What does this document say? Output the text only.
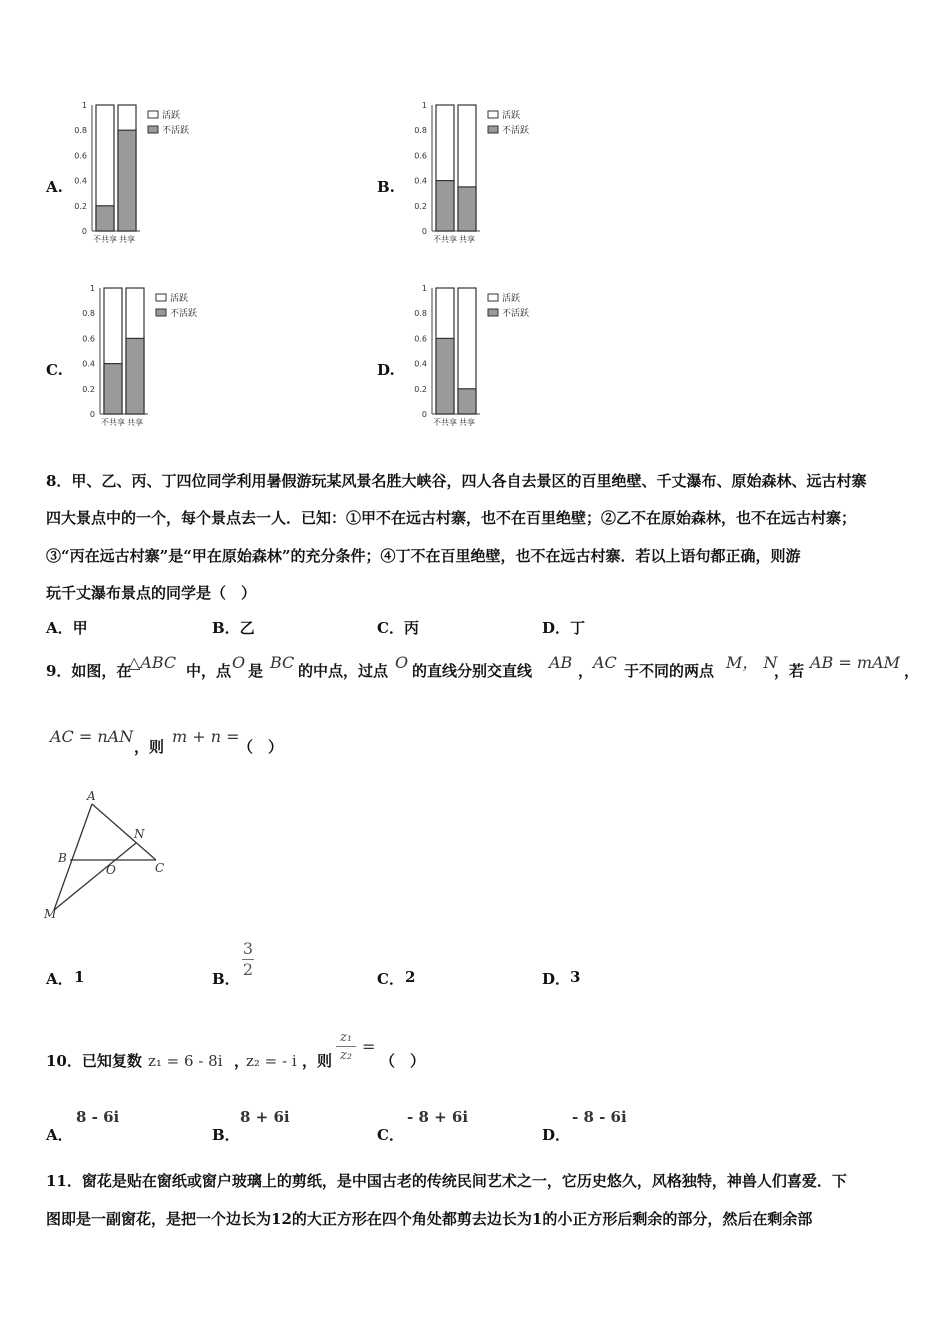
A.
1
0.8
0.6
0.4
0.2
0
不共享 共享
活跃
不活跃
B.
1
0.8
0.6
0.4
0.2
0
不共享 共享
活跃
不活跃
C.
1
0.8
0.6
0.4
0.2
0
不共享 共享
活跃
不活跃
D.
1
0.8
0.6
0.4
0.2
0
不共享 共享
活跃
不活跃
8．甲、乙、丙、丁四位同学利用暑假游玩某风景名胜大峡谷，四人各自去景区的百里绝壁、千丈瀑布、原始森林、远古村寨
四大景点中的一个，每个景点去一人．已知：①甲不在远古村寨，也不在百里绝壁；②乙不在原始森林，也不在远古村寨；
③“丙在远古村寨”是“甲在原始森林”的充分条件；④丁不在百里绝壁，也不在远古村寨．若以上语句都正确，则游
玩千丈瀑布景点的同学是（　）
A．甲	B．乙	C．丙	D．丁
9．如图，在
△ABC 中，点 O 是 BC 的中点，过点 O 的直线分别交直线 AB ， AC 于不同的两点 M， N
，若 AB = mAM ，
AC = nAN
，则
m + n =
（　）
A
N
B
O	C
M
A． 1	B．
3
2	C． 2	D． 3
10．已知复数 z₁ = 6 - 8i ，
z₂ = - i ，则
z₁
z₂ =
（　）
A．
8 - 6i
B．
8 + 6i
C．
- 8 + 6i
D．
- 8 - 6i
11．窗花是贴在窗纸或窗户玻璃上的剪纸，是中国古老的传统民间艺术之一，它历史悠久，风格独特，神兽人们喜爱．下
图即是一副窗花，是把一个边长为12的大正方形在四个角处都剪去边长为1的小正方形后剩余的部分，然后在剩余部
